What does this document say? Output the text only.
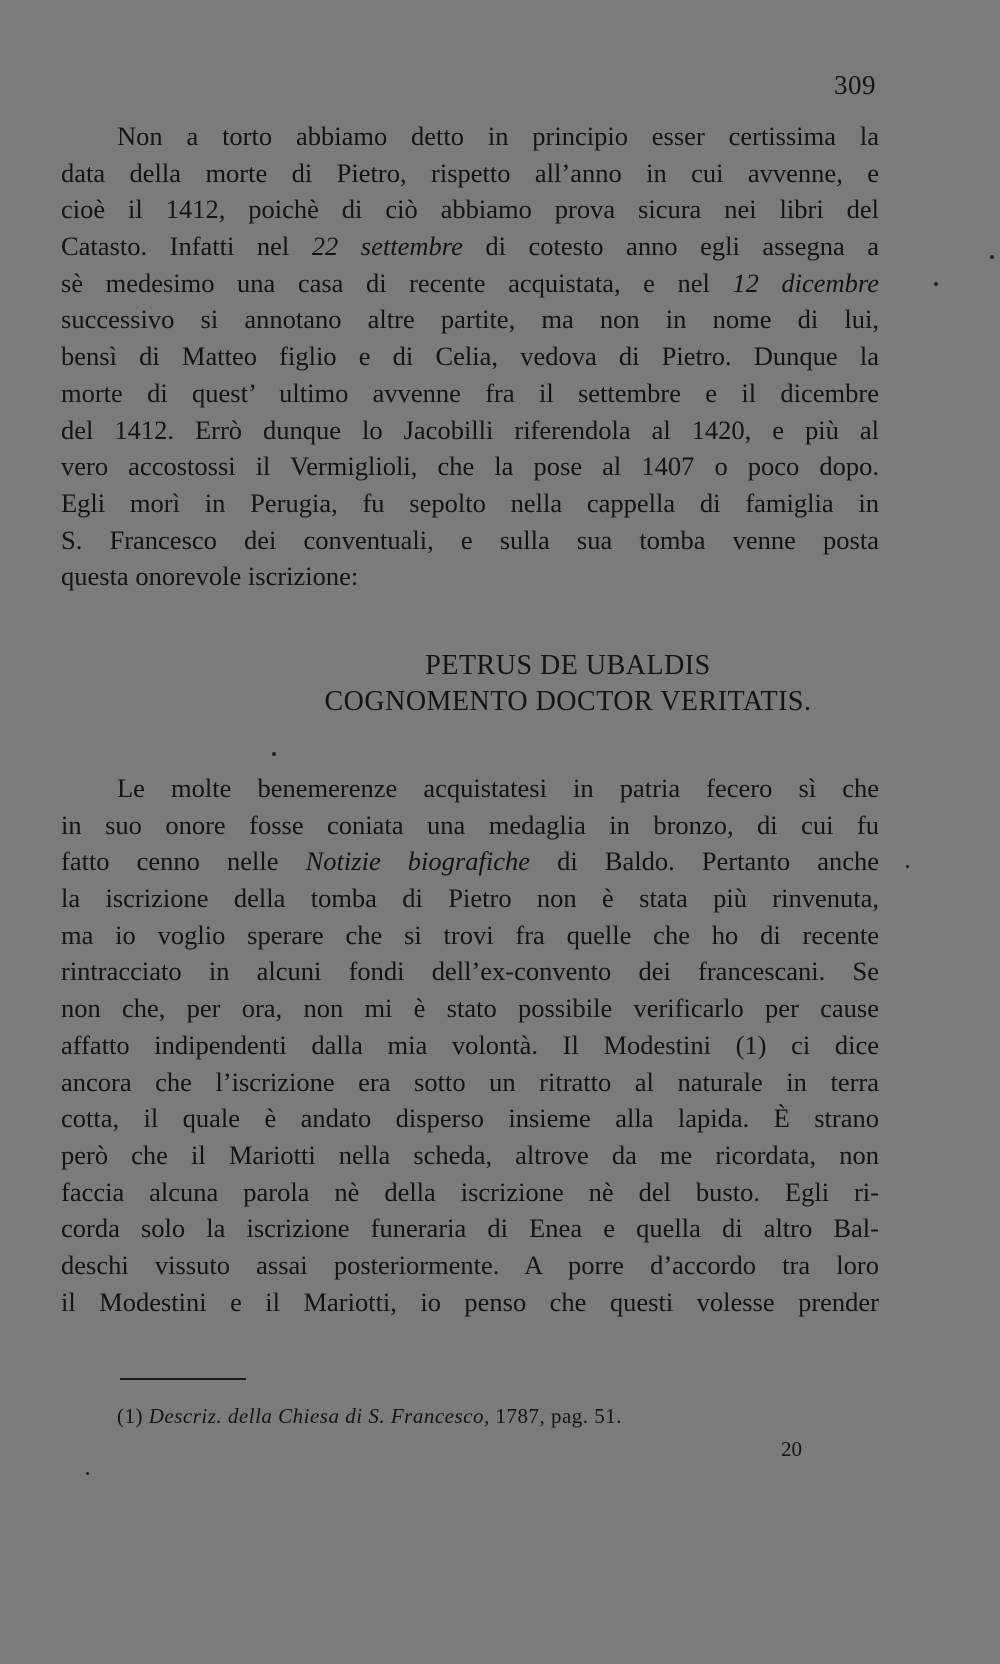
309
Non a torto abbiamo detto in principio esser certissima la
data della morte di Pietro, rispetto all’anno in cui avvenne, e
cioè il 1412, poichè di ciò abbiamo prova sicura nei libri del
Catasto. Infatti nel 22 settembre di cotesto anno egli assegna a
sè medesimo una casa di recente acquistata, e nel 12 dicembre
successivo si annotano altre partite, ma non in nome di lui,
bensì di Matteo figlio e di Celia, vedova di Pietro. Dunque la
morte di quest’ ultimo avvenne fra il settembre e il dicembre
del 1412. Errò dunque lo Jacobilli riferendola al 1420, e più al
vero accostossi il Vermiglioli, che la pose al 1407 o poco dopo.
Egli morì in Perugia, fu sepolto nella cappella di famiglia in
S. Francesco dei conventuali, e sulla sua tomba venne posta
questa onorevole iscrizione:
PETRUS DE UBALDIS
COGNOMENTO DOCTOR VERITATIS.
Le molte benemerenze acquistatesi in patria fecero sì che
in suo onore fosse coniata una medaglia in bronzo, di cui fu
fatto cenno nelle Notizie biografiche di Baldo. Pertanto anche
la iscrizione della tomba di Pietro non è stata più rinvenuta,
ma io voglio sperare che si trovi fra quelle che ho di recente
rintracciato in alcuni fondi dell’ex-convento dei francescani. Se
non che, per ora, non mi è stato possibile verificarlo per cause
affatto indipendenti dalla mia volontà. Il Modestini (1) ci dice
ancora che l’iscrizione era sotto un ritratto al naturale in terra
cotta, il quale è andato disperso insieme alla lapida. È strano
però che il Mariotti nella scheda, altrove da me ricordata, non
faccia alcuna parola nè della iscrizione nè del busto. Egli ri-
corda solo la iscrizione funeraria di Enea e quella di altro Bal-
deschi vissuto assai posteriormente. A porre d’accordo tra loro
il Modestini e il Mariotti, io penso che questi volesse prender
(1) Descriz. della Chiesa di S. Francesco, 1787, pag. 51.
20
